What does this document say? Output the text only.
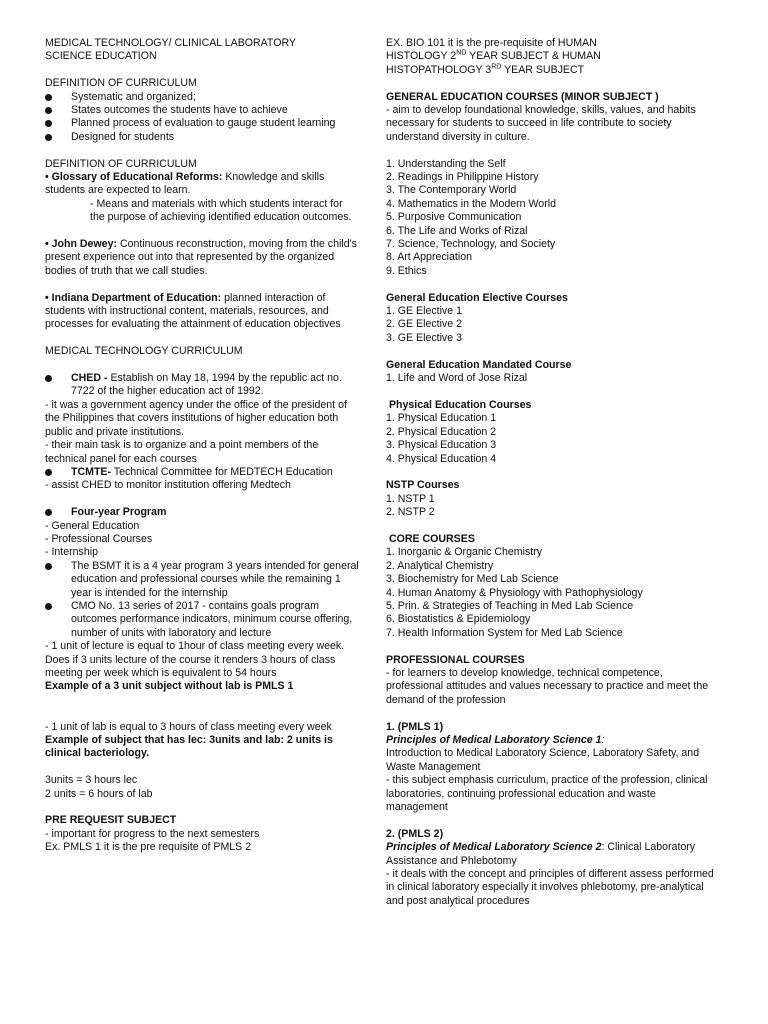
MEDICAL TECHNOLOGY/ CLINICAL LABORATORY

SCIENCE EDUCATION

DEFINITION OF CURRICULUM

Systematic and organized;

States outcomes the students have to achieve

Planned process of evaluation to gauge student learning

Designed for students

DEFINITION OF CURRICULUM

• Glossary of Educational Reforms: Knowledge and skills students are expected to learn.

- Means and materials with which students interact for the purpose of achieving identified education outcomes.

• John Dewey: Continuous reconstruction, moving from the child's present experience out into that represented by the organized bodies of truth that we call studies.

• Indiana Department of Education: planned interaction of students with instructional content, materials, resources, and processes for evaluating the attainment of education objectives

MEDICAL TECHNOLOGY CURRICULUM

CHED - Establish on May 18, 1994 by the republic act no. 7722 of the higher education act of 1992.

- it was a government agency under the office of the president of the Philippines that covers institutions of higher education both public and private institutions.

- their main task is to organize and a point members of the technical panel for each courses

TCMTE- Technical Committee for MEDTECH Education

- assist CHED to monitor institution offering Medtech

Four-year Program

- General Education

- Professional Courses

- Internship

The BSMT it is a 4 year program 3 years intended for general education and professional courses while the remaining 1 year is intended for the internship

CMO No. 13 series of 2017 - contains goals program outcomes performance indicators, minimum course offering, number of units with laboratory and lecture

- 1 unit of lecture is equal to 1hour of class meeting every week. Does if 3 units lecture of the course it renders 3 hours of class meeting per week which is equivalent to 54 hours

Example of a 3 unit subject without lab is PMLS 1

- 1 unit of lab is equal to 3 hours of class meeting every week

Example of subject that has lec: 3units and lab: 2 units is clinical bacteriology.

3units = 3 hours lec

2 units = 6 hours of lab

PRE REQUESIT SUBJECT

- important for progress to the next semesters

Ex. PMLS 1 it is the pre requisite of PMLS 2

EX. BIO 101 it is the pre-requisite of HUMAN

HISTOLOGY 2ND YEAR SUBJECT & HUMAN

HISTOPATHOLOGY 3RD YEAR SUBJECT

GENERAL EDUCATION COURSES (MINOR SUBJECT )

- aim to develop foundational knowledge, skills, values, and habits necessary for students to succeed in life contribute to society understand diversity in culture.

1. Understanding the Self

2. Readings in Philippine History

3. The Contemporary World

4. Mathematics in the Modern World

5. Purposive Communication

6. The Life and Works of Rizal

7. Science, Technology, and Society

8. Art Appreciation

9. Ethics

General Education Elective Courses

1. GE Elective 1

2. GE Elective 2

3. GE Elective 3

General Education Mandated Course

1. Life and Word of Jose Rizal

Physical Education Courses

1. Physical Education 1

2. Physical Education 2

3. Physical Education 3

4. Physical Education 4

NSTP Courses

1. NSTP 1

2. NSTP 2

CORE COURSES

1. Inorganic & Organic Chemistry

2. Analytical Chemistry

3. Biochemistry for Med Lab Science

4. Human Anatomy & Physiology with Pathophysiology

5. Prin. & Strategies of Teaching in Med Lab Science

6. Biostatistics & Epidemiology

7. Health Information System for Med Lab Science

PROFESSIONAL COURSES

- for learners to develop knowledge, technical competence, professional attitudes and values necessary to practice and meet the demand of the profession

1. (PMLS 1)

Principles of Medical Laboratory Science 1:

Introduction to Medical Laboratory Science, Laboratory Safety, and Waste Management

- this subject emphasis curriculum, practice of the profession, clinical laboratories, continuing professional education and waste management

2. (PMLS 2)

Principles of Medical Laboratory Science 2: Clinical Laboratory Assistance and Phlebotomy

- it deals with the concept and principles of different assess performed in clinical laboratory especially it involves phlebotomy, pre-analytical and post analytical procedures
